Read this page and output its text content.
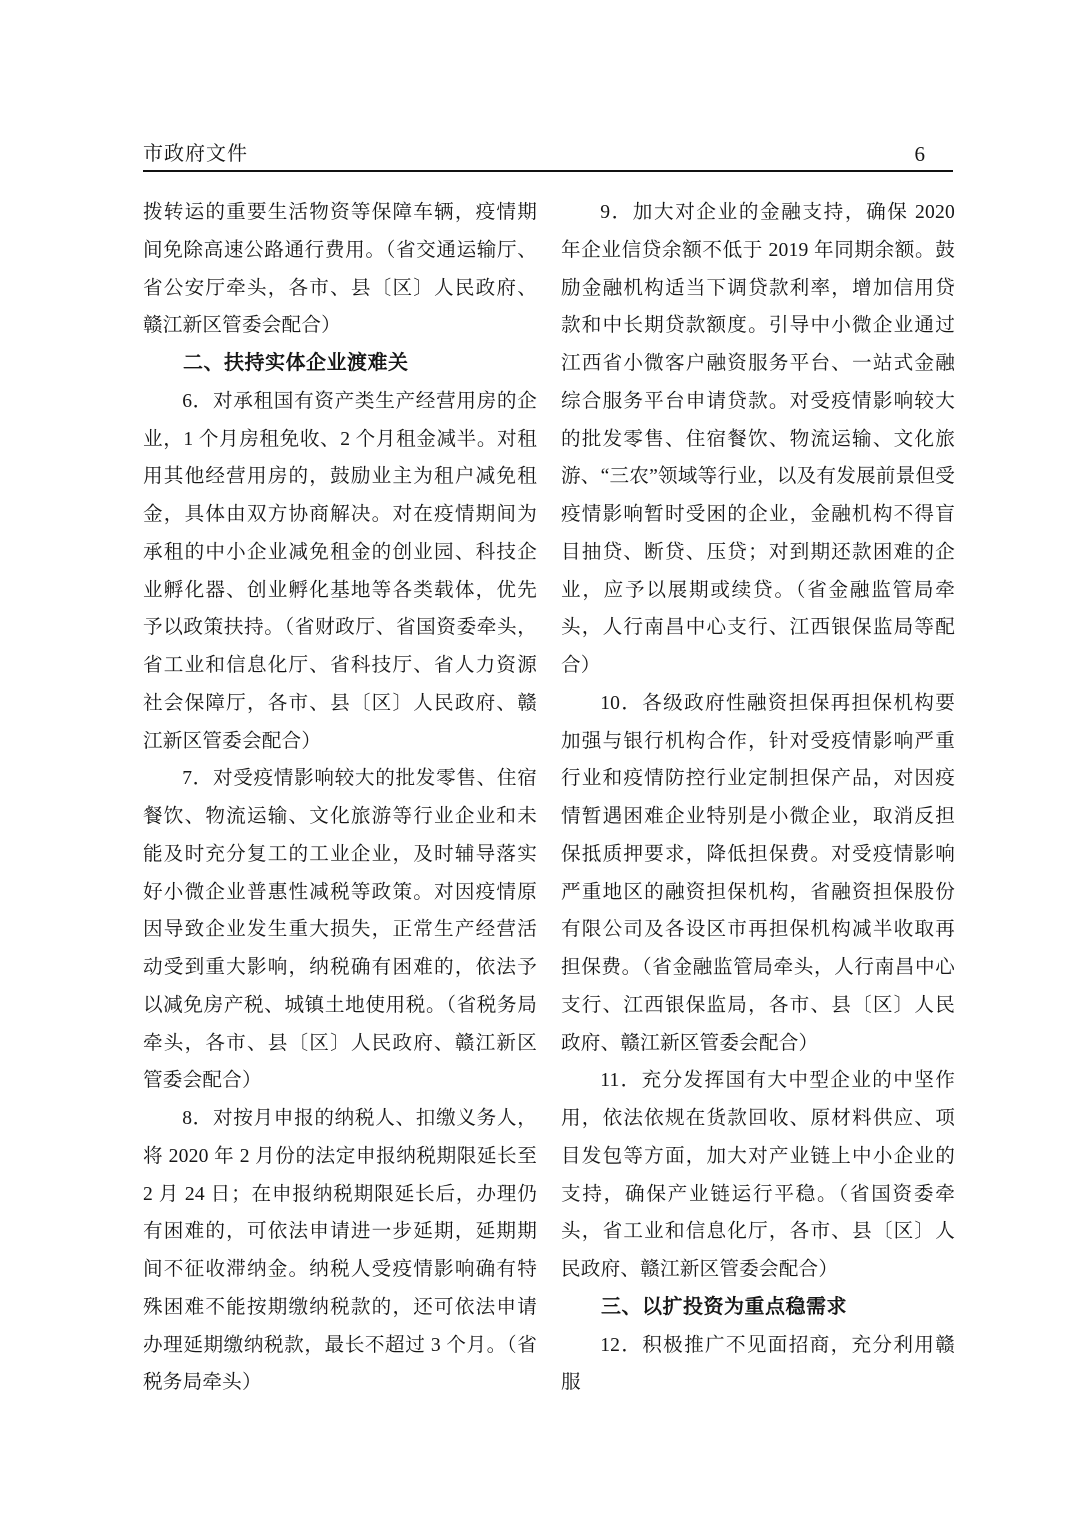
市政府文件	6

拨转运的重要生活物资等保障车辆，疫情期间免除高速公路通行费用。（省交通运输厅、省公安厅牵头，各市、县〔区〕人民政府、赣江新区管委会配合）

二、扶持实体企业渡难关

6．对承租国有资产类生产经营用房的企业，1 个月房租免收、2 个月租金减半。对租用其他经营用房的，鼓励业主为租户减免租金，具体由双方协商解决。对在疫情期间为承租的中小企业减免租金的创业园、科技企业孵化器、创业孵化基地等各类载体，优先予以政策扶持。（省财政厅、省国资委牵头，省工业和信息化厅、省科技厅、省人力资源社会保障厅，各市、县〔区〕人民政府、赣江新区管委会配合）

7．对受疫情影响较大的批发零售、住宿餐饮、物流运输、文化旅游等行业企业和未能及时充分复工的工业企业，及时辅导落实好小微企业普惠性减税等政策。对因疫情原因导致企业发生重大损失，正常生产经营活动受到重大影响，纳税确有困难的，依法予以减免房产税、城镇土地使用税。（省税务局牵头，各市、县〔区〕人民政府、赣江新区管委会配合）

8．对按月申报的纳税人、扣缴义务人，将 2020 年 2 月份的法定申报纳税期限延长至 2 月 24 日；在申报纳税期限延长后，办理仍有困难的，可依法申请进一步延期，延期期间不征收滞纳金。纳税人受疫情影响确有特殊困难不能按期缴纳税款的，还可依法申请办理延期缴纳税款，最长不超过 3 个月。（省税务局牵头）

9．加大对企业的金融支持，确保 2020 年企业信贷余额不低于 2019 年同期余额。鼓励金融机构适当下调贷款利率，增加信用贷款和中长期贷款额度。引导中小微企业通过江西省小微客户融资服务平台、一站式金融综合服务平台申请贷款。对受疫情影响较大的批发零售、住宿餐饮、物流运输、文化旅游、“三农”领域等行业，以及有发展前景但受疫情影响暂时受困的企业，金融机构不得盲目抽贷、断贷、压贷；对到期还款困难的企业，应予以展期或续贷。（省金融监管局牵头，人行南昌中心支行、江西银保监局等配合）

10．各级政府性融资担保再担保机构要加强与银行机构合作，针对受疫情影响严重行业和疫情防控行业定制担保产品，对因疫情暂遇困难企业特别是小微企业，取消反担保抵质押要求，降低担保费。对受疫情影响严重地区的融资担保机构，省融资担保股份有限公司及各设区市再担保机构减半收取再担保费。（省金融监管局牵头，人行南昌中心支行、江西银保监局，各市、县〔区〕人民政府、赣江新区管委会配合）

11．充分发挥国有大中型企业的中坚作用，依法依规在货款回收、原材料供应、项目发包等方面，加大对产业链上中小企业的支持，确保产业链运行平稳。（省国资委牵头，省工业和信息化厅，各市、县〔区〕人民政府、赣江新区管委会配合）

三、以扩投资为重点稳需求

12．积极推广不见面招商，充分利用赣服
